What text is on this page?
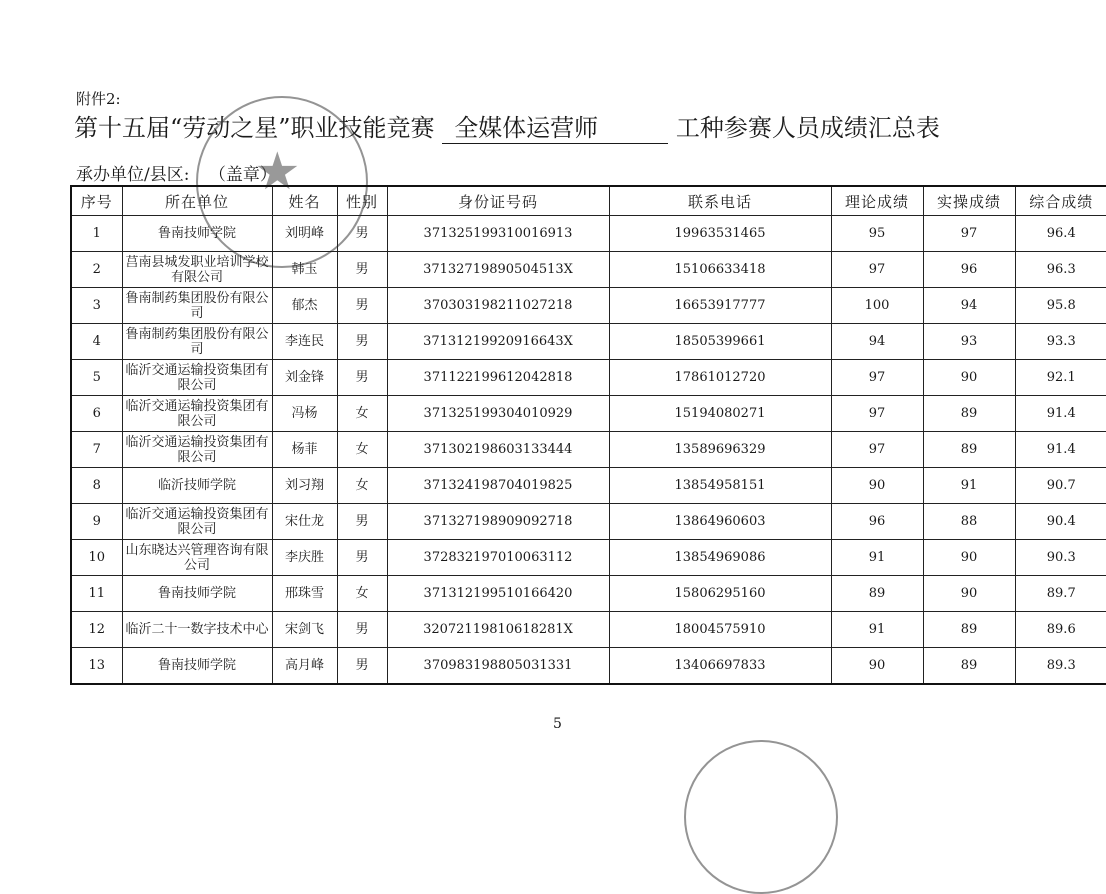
附件2:
第十五届“劳动之星”职业技能竞赛 全媒体运营师	工种参赛人员成绩汇总表
承办单位/县区: （盖章）
★
序号	所在单位	姓名	性别	身份证号码	联系电话	理论成绩	实操成绩	综合成绩
1	鲁南技师学院	刘明峰	男	371325199310016913	19963531465	95	97	96.4
2	莒南县城发职业培训学校有限公司	韩玉	男	37132719890504513X	15106633418	97	96	96.3
3	鲁南制药集团股份有限公司	郁杰	男	370303198211027218	16653917777	100	94	95.8
4	鲁南制药集团股份有限公司	李连民	男	37131219920916643X	18505399661	94	93	93.3
5	临沂交通运输投资集团有限公司	刘金锋	男	371122199612042818	17861012720	97	90	92.1
6	临沂交通运输投资集团有限公司	冯杨	女	371325199304010929	15194080271	97	89	91.4
7	临沂交通运输投资集团有限公司	杨菲	女	371302198603133444	13589696329	97	89	91.4
8	临沂技师学院	刘习翔	女	371324198704019825	13854958151	90	91	90.7
9	临沂交通运输投资集团有限公司	宋仕龙	男	371327198909092718	13864960603	96	88	90.4
10	山东晓达兴管理咨询有限公司	李庆胜	男	372832197010063112	13854969086	91	90	90.3
11	鲁南技师学院	邢珠雪	女	371312199510166420	15806295160	89	90	89.7
12	临沂二十一数字技术中心	宋剑飞	男	32072119810618281X	18004575910	91	89	89.6
13	鲁南技师学院	高月峰	男	370983198805031331	13406697833	90	89	89.3
5
